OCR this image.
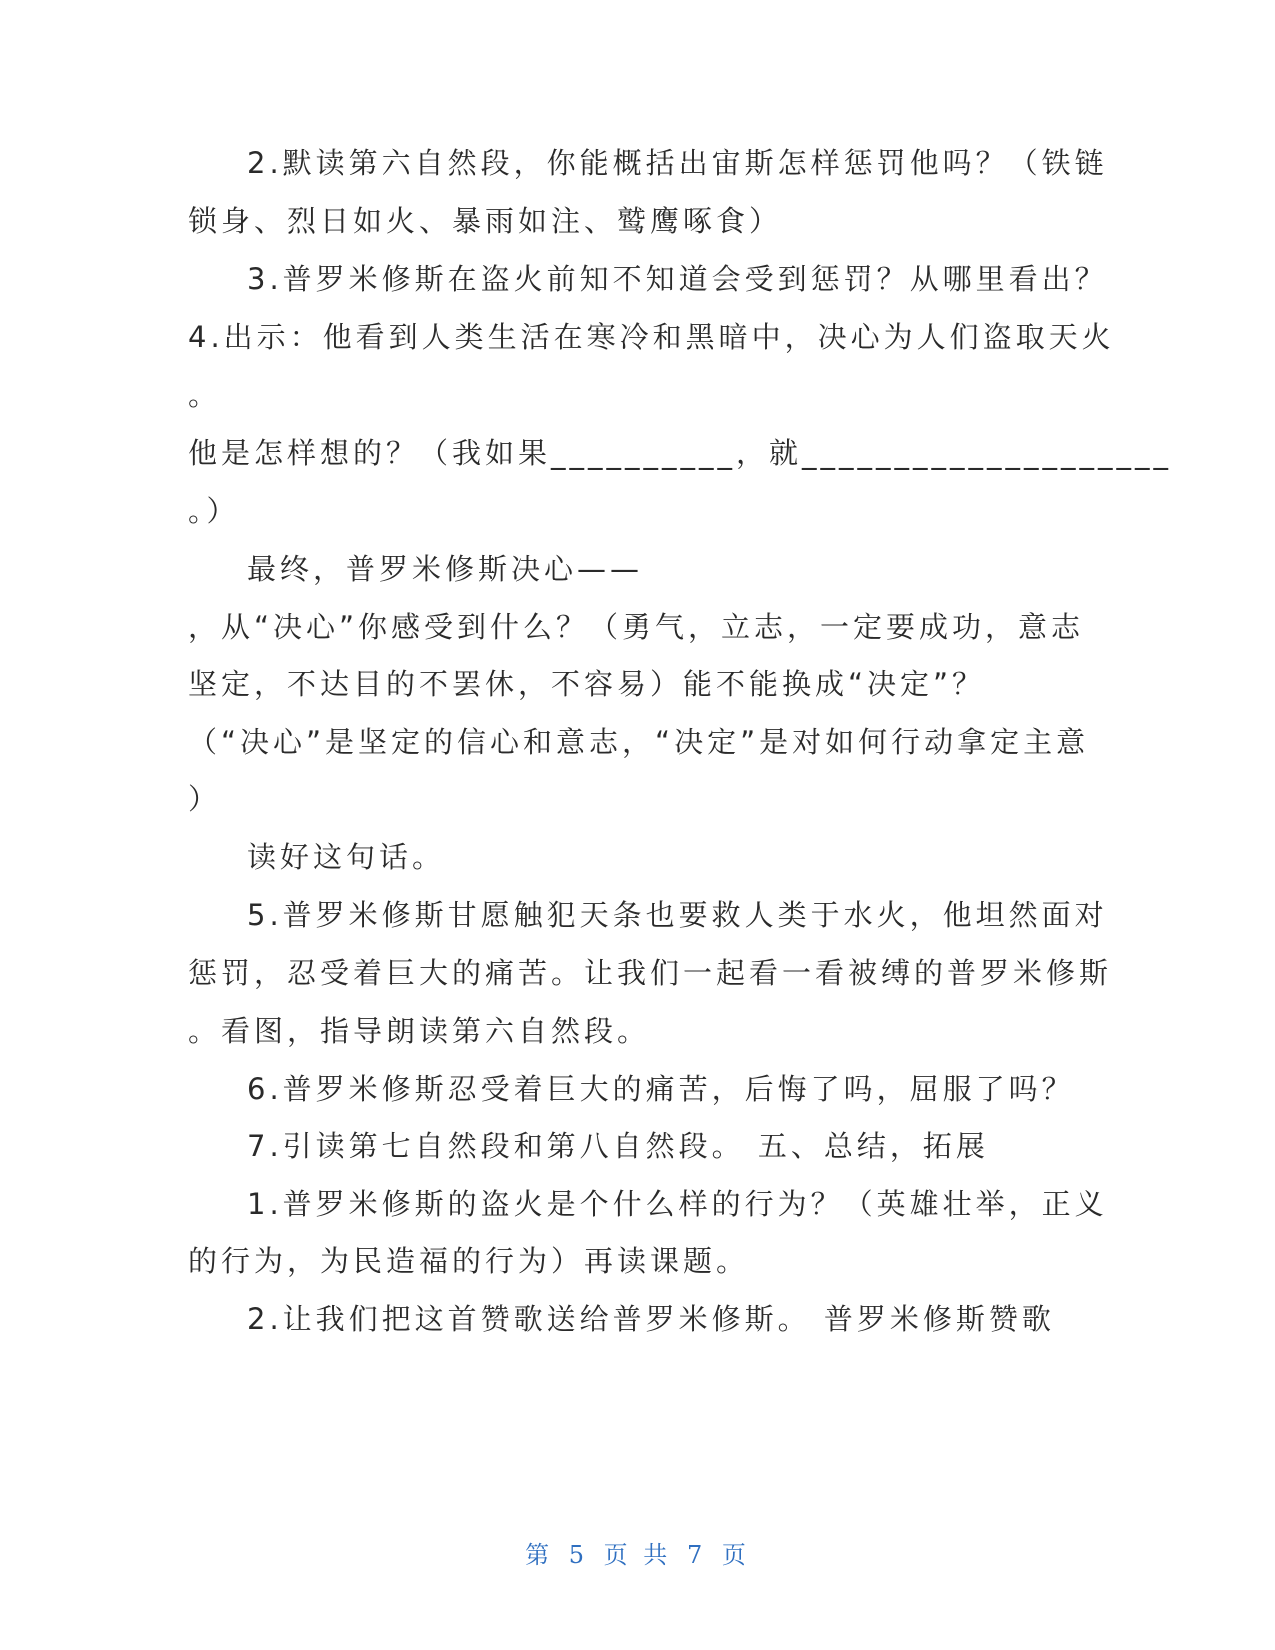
2.默读第六自然段，你能概括出宙斯怎样惩罚他吗？（铁链
锁身、烈日如火、暴雨如注、鹫鹰啄食）
3.普罗米修斯在盗火前知不知道会受到惩罚？从哪里看出？
4.出示：他看到人类生活在寒冷和黑暗中，决心为人们盗取天火
。
他是怎样想的？（我如果__________，就____________________
。）
最终，普罗米修斯决心——
，从“决心”你感受到什么？（勇气，立志，一定要成功，意志
坚定，不达目的不罢休，不容易）能不能换成“决定”？
（“决心”是坚定的信心和意志，“决定”是对如何行动拿定主意
）
读好这句话。
5.普罗米修斯甘愿触犯天条也要救人类于水火，他坦然面对
惩罚，忍受着巨大的痛苦。让我们一起看一看被缚的普罗米修斯
。看图，指导朗读第六自然段。
6.普罗米修斯忍受着巨大的痛苦，后悔了吗，屈服了吗？
7.引读第七自然段和第八自然段。 五、总结，拓展
1.普罗米修斯的盗火是个什么样的行为？（英雄壮举，正义
的行为，为民造福的行为）再读课题。
2.让我们把这首赞歌送给普罗米修斯。 普罗米修斯赞歌
第 5 页 共 7 页
